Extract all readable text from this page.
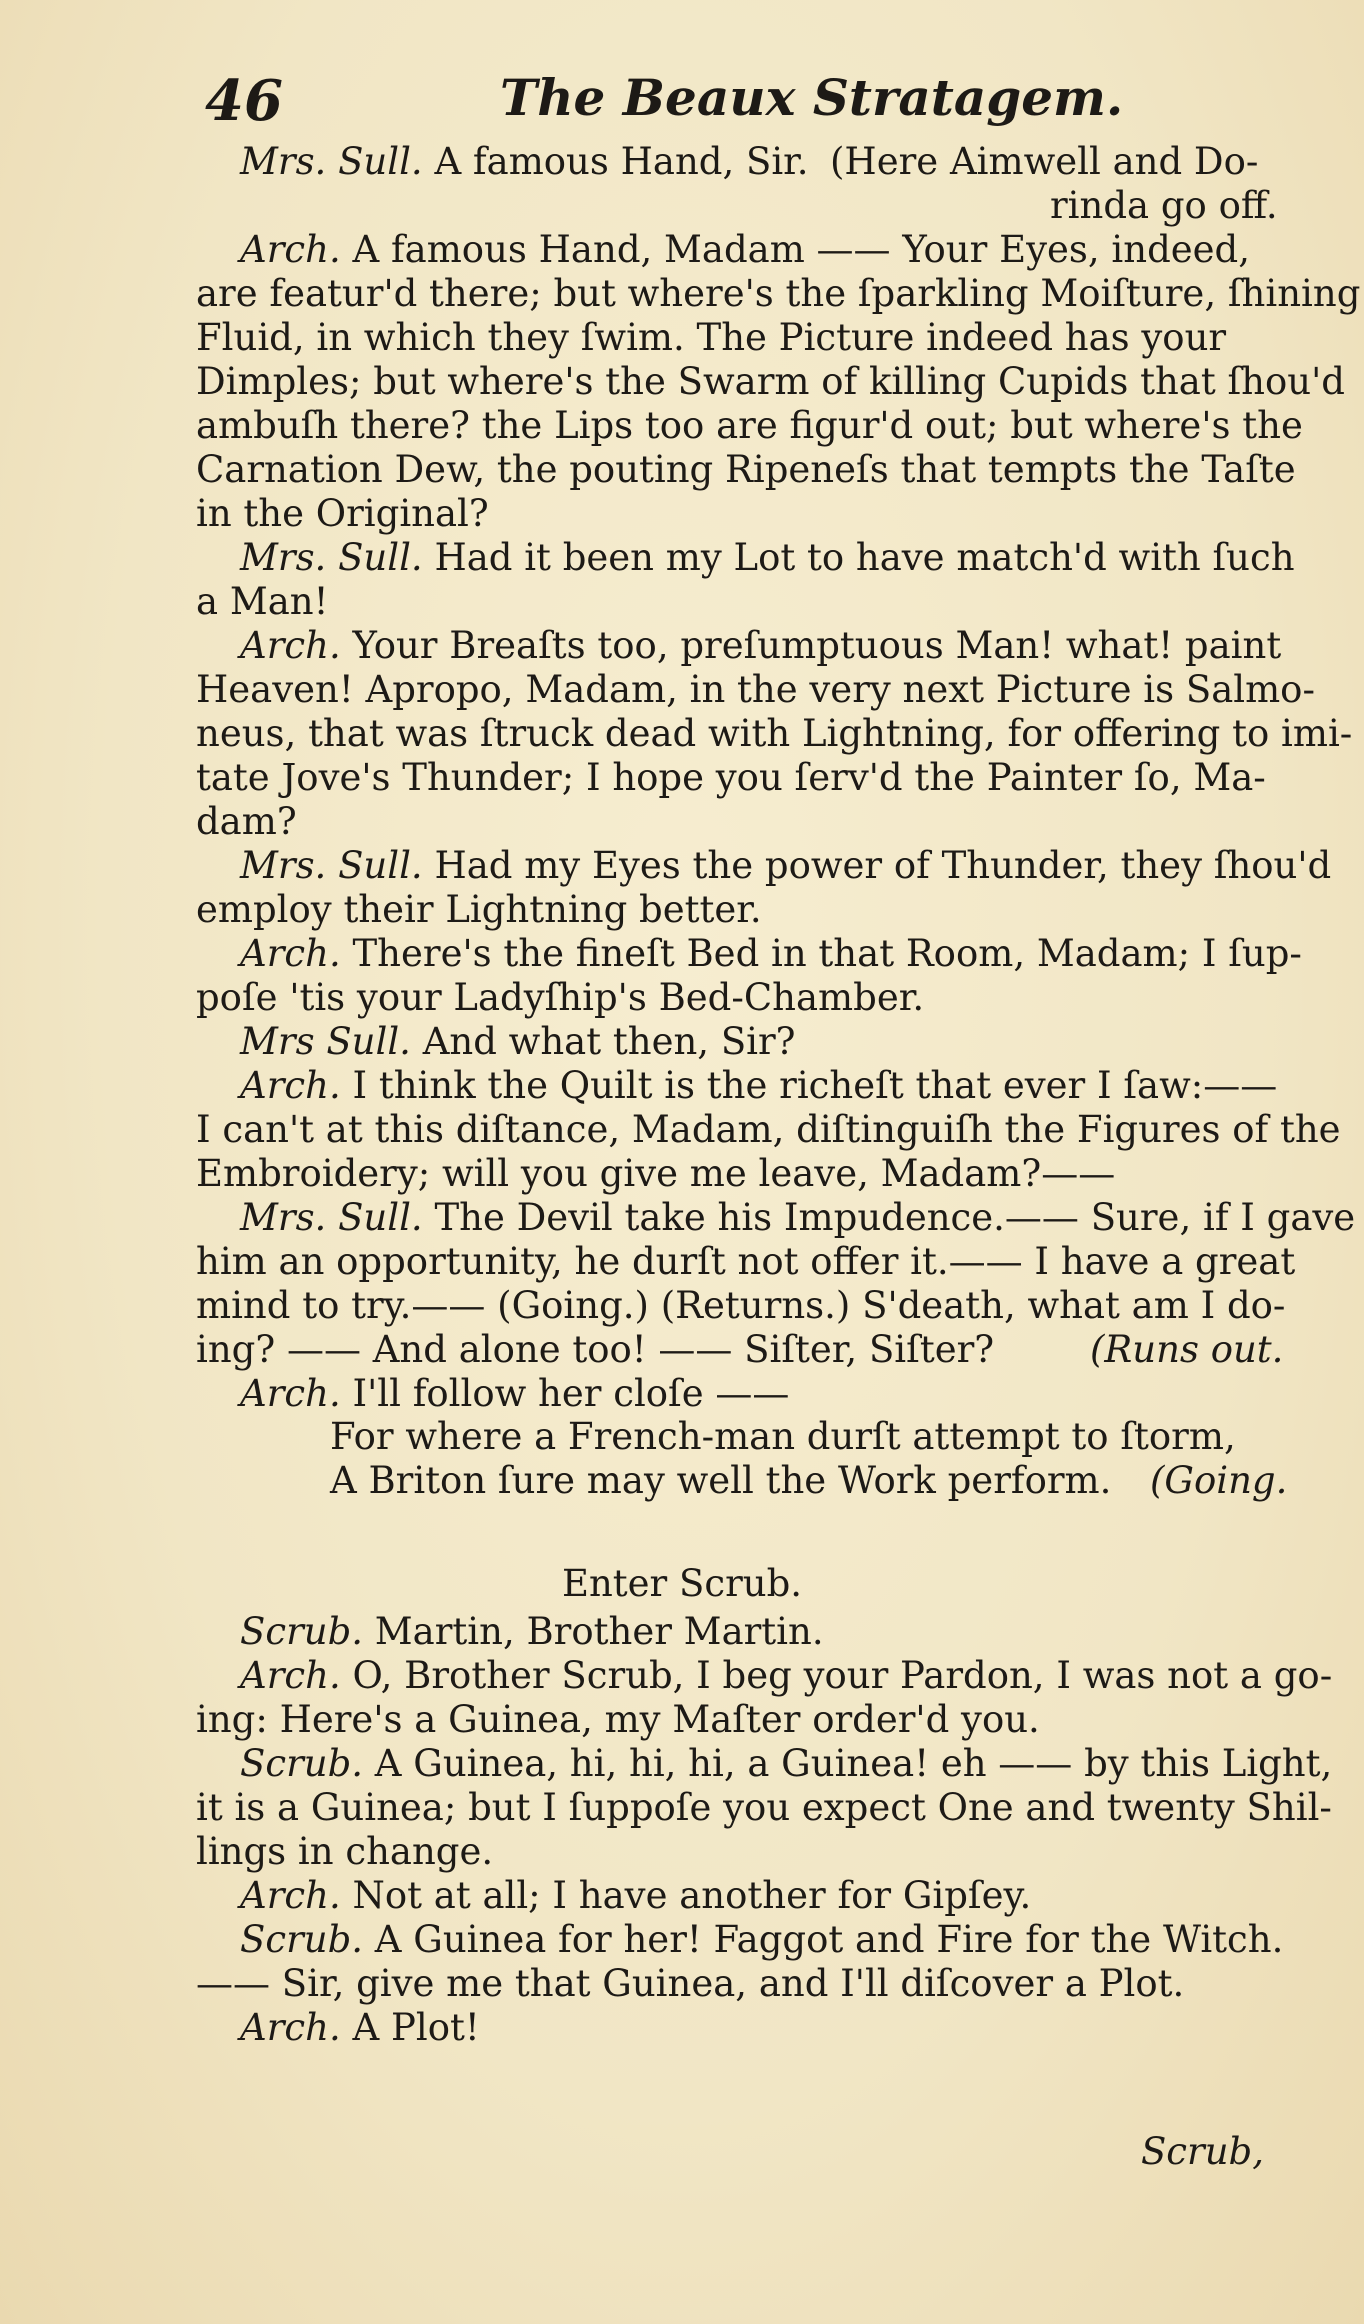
46	The Beaux Stratagem.
Mrs. Sull. A famous Hand, Sir. (Here Aimwell and Do-
rinda go off.
Arch. A famous Hand, Madam —— Your Eyes, indeed,
are featur'd there; but where's the ſparkling Moiſture, ſhining
Fluid, in which they ſwim. The Picture indeed has your
Dimples; but where's the Swarm of killing Cupids that ſhou'd
ambuſh there? the Lips too are figur'd out; but where's the
Carnation Dew, the pouting Ripeneſs that tempts the Taſte
in the Original?
Mrs. Sull. Had it been my Lot to have match'd with ſuch
a Man!
Arch. Your Breaſts too, preſumptuous Man! what! paint
Heaven! Apropo, Madam, in the very next Picture is Salmo-
neus, that was ſtruck dead with Lightning, for offering to imi-
tate Jove's Thunder; I hope you ſerv'd the Painter ſo, Ma-
dam?
Mrs. Sull. Had my Eyes the power of Thunder, they ſhou'd
employ their Lightning better.
Arch. There's the fineſt Bed in that Room, Madam; I ſup-
poſe 'tis your Ladyſhip's Bed-Chamber.
Mrs Sull. And what then, Sir?
Arch. I think the Quilt is the richeſt that ever I ſaw:——
I can't at this diſtance, Madam, diſtinguiſh the Figures of the
Embroidery; will you give me leave, Madam?——
Mrs. Sull. The Devil take his Impudence.—— Sure, if I gave
him an opportunity, he durſt not offer it.—— I have a great
mind to try.—— (Going.) (Returns.) S'death, what am I do-
ing? —— And alone too! —— Siſter, Siſter?
Arch. I'll follow her cloſe ——
(Runs out.
For where a French-man durſt attempt to ſtorm,
A Briton ſure may well the Work perform.	(Going.
Enter Scrub.
Scrub. Martin, Brother Martin.
Arch. O, Brother Scrub, I beg your Pardon, I was not a go-
ing: Here's a Guinea, my Maſter order'd you.
Scrub. A Guinea, hi, hi, hi, a Guinea! eh —— by this Light,
it is a Guinea; but I ſuppoſe you expect One and twenty Shil-
lings in change.
Arch. Not at all; I have another for Gipſey.
Scrub. A Guinea for her! Faggot and Fire for the Witch.
—— Sir, give me that Guinea, and I'll diſcover a Plot.
Arch. A Plot!
Scrub,
